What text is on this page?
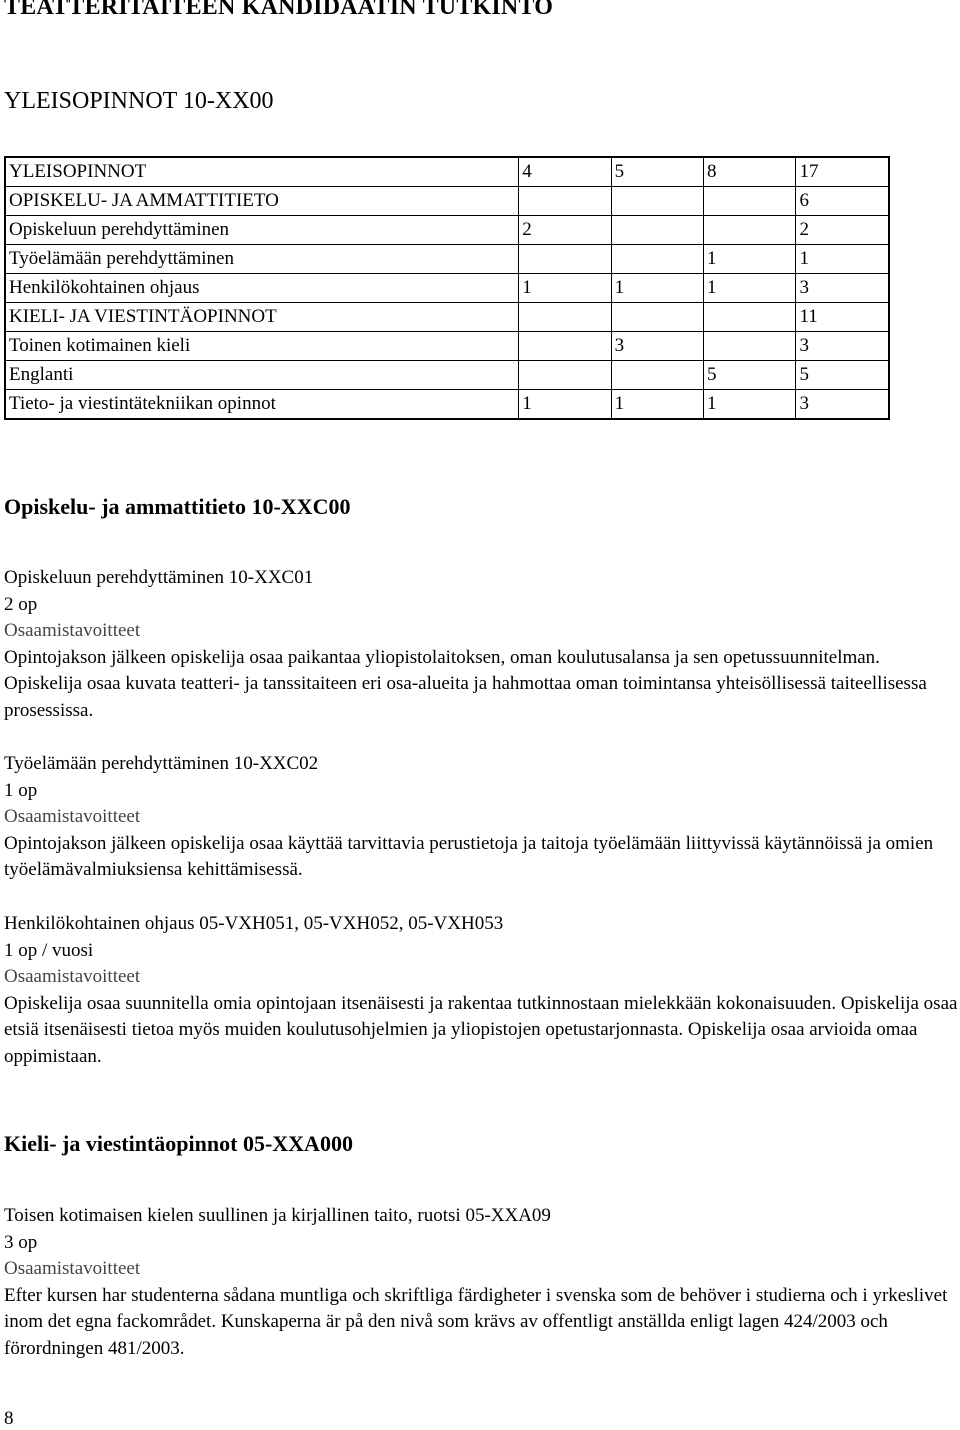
TEATTERITAITEEN KANDIDAATIN TUTKINTO
YLEISOPINNOT 10-XX00
YLEISOPINNOT	4	5	8	17
OPISKELU- JA AMMATTITIETO				6
Opiskeluun perehdyttäminen	2			2
Työelämään perehdyttäminen			1	1
Henkilökohtainen ohjaus	1	1	1	3
KIELI- JA VIESTINTÄOPINNOT				11
Toinen kotimainen kieli		3		3
Englanti			5	5
Tieto- ja viestintätekniikan opinnot	1	1	1	3
Opiskelu- ja ammattitieto 10-XXC00

Opiskeluun perehdyttäminen 10-XXC01

2 op

Osaamistavoitteet

Opintojakson jälkeen opiskelija osaa paikantaa yliopistolaitoksen, oman koulutusalansa ja sen opetussuunnitelman. Opiskelija osaa kuvata teatteri- ja tanssitaiteen eri osa-alueita ja hahmottaa oman toimintansa yhteisöllisessä taiteellisessa prosessissa.

Työelämään perehdyttäminen 10-XXC02

1 op

Osaamistavoitteet

Opintojakson jälkeen opiskelija osaa käyttää tarvittavia perustietoja ja taitoja työelämään liittyvissä käytännöissä ja omien työelämävalmiuksiensa kehittämisessä.

Henkilökohtainen ohjaus 05-VXH051, 05-VXH052, 05-VXH053

1 op / vuosi

Osaamistavoitteet

Opiskelija osaa suunnitella omia opintojaan itsenäisesti ja rakentaa tutkinnostaan mielekkään kokonaisuuden. Opiskelija osaa etsiä itsenäisesti tietoa myös muiden koulutusohjelmien ja yliopistojen opetustarjonnasta. Opiskelija osaa arvioida omaa oppimistaan.

Kieli- ja viestintäopinnot 05-XXA000

Toisen kotimaisen kielen suullinen ja kirjallinen taito, ruotsi 05-XXA09

3 op

Osaamistavoitteet

Efter kursen har studenterna sådana muntliga och skriftliga färdigheter i svenska som de behöver i studierna och i yrkeslivet inom det egna fackområdet. Kunskaperna är på den nivå som krävs av offentligt anställda enligt lagen 424/2003 och förordningen 481/2003.

8
